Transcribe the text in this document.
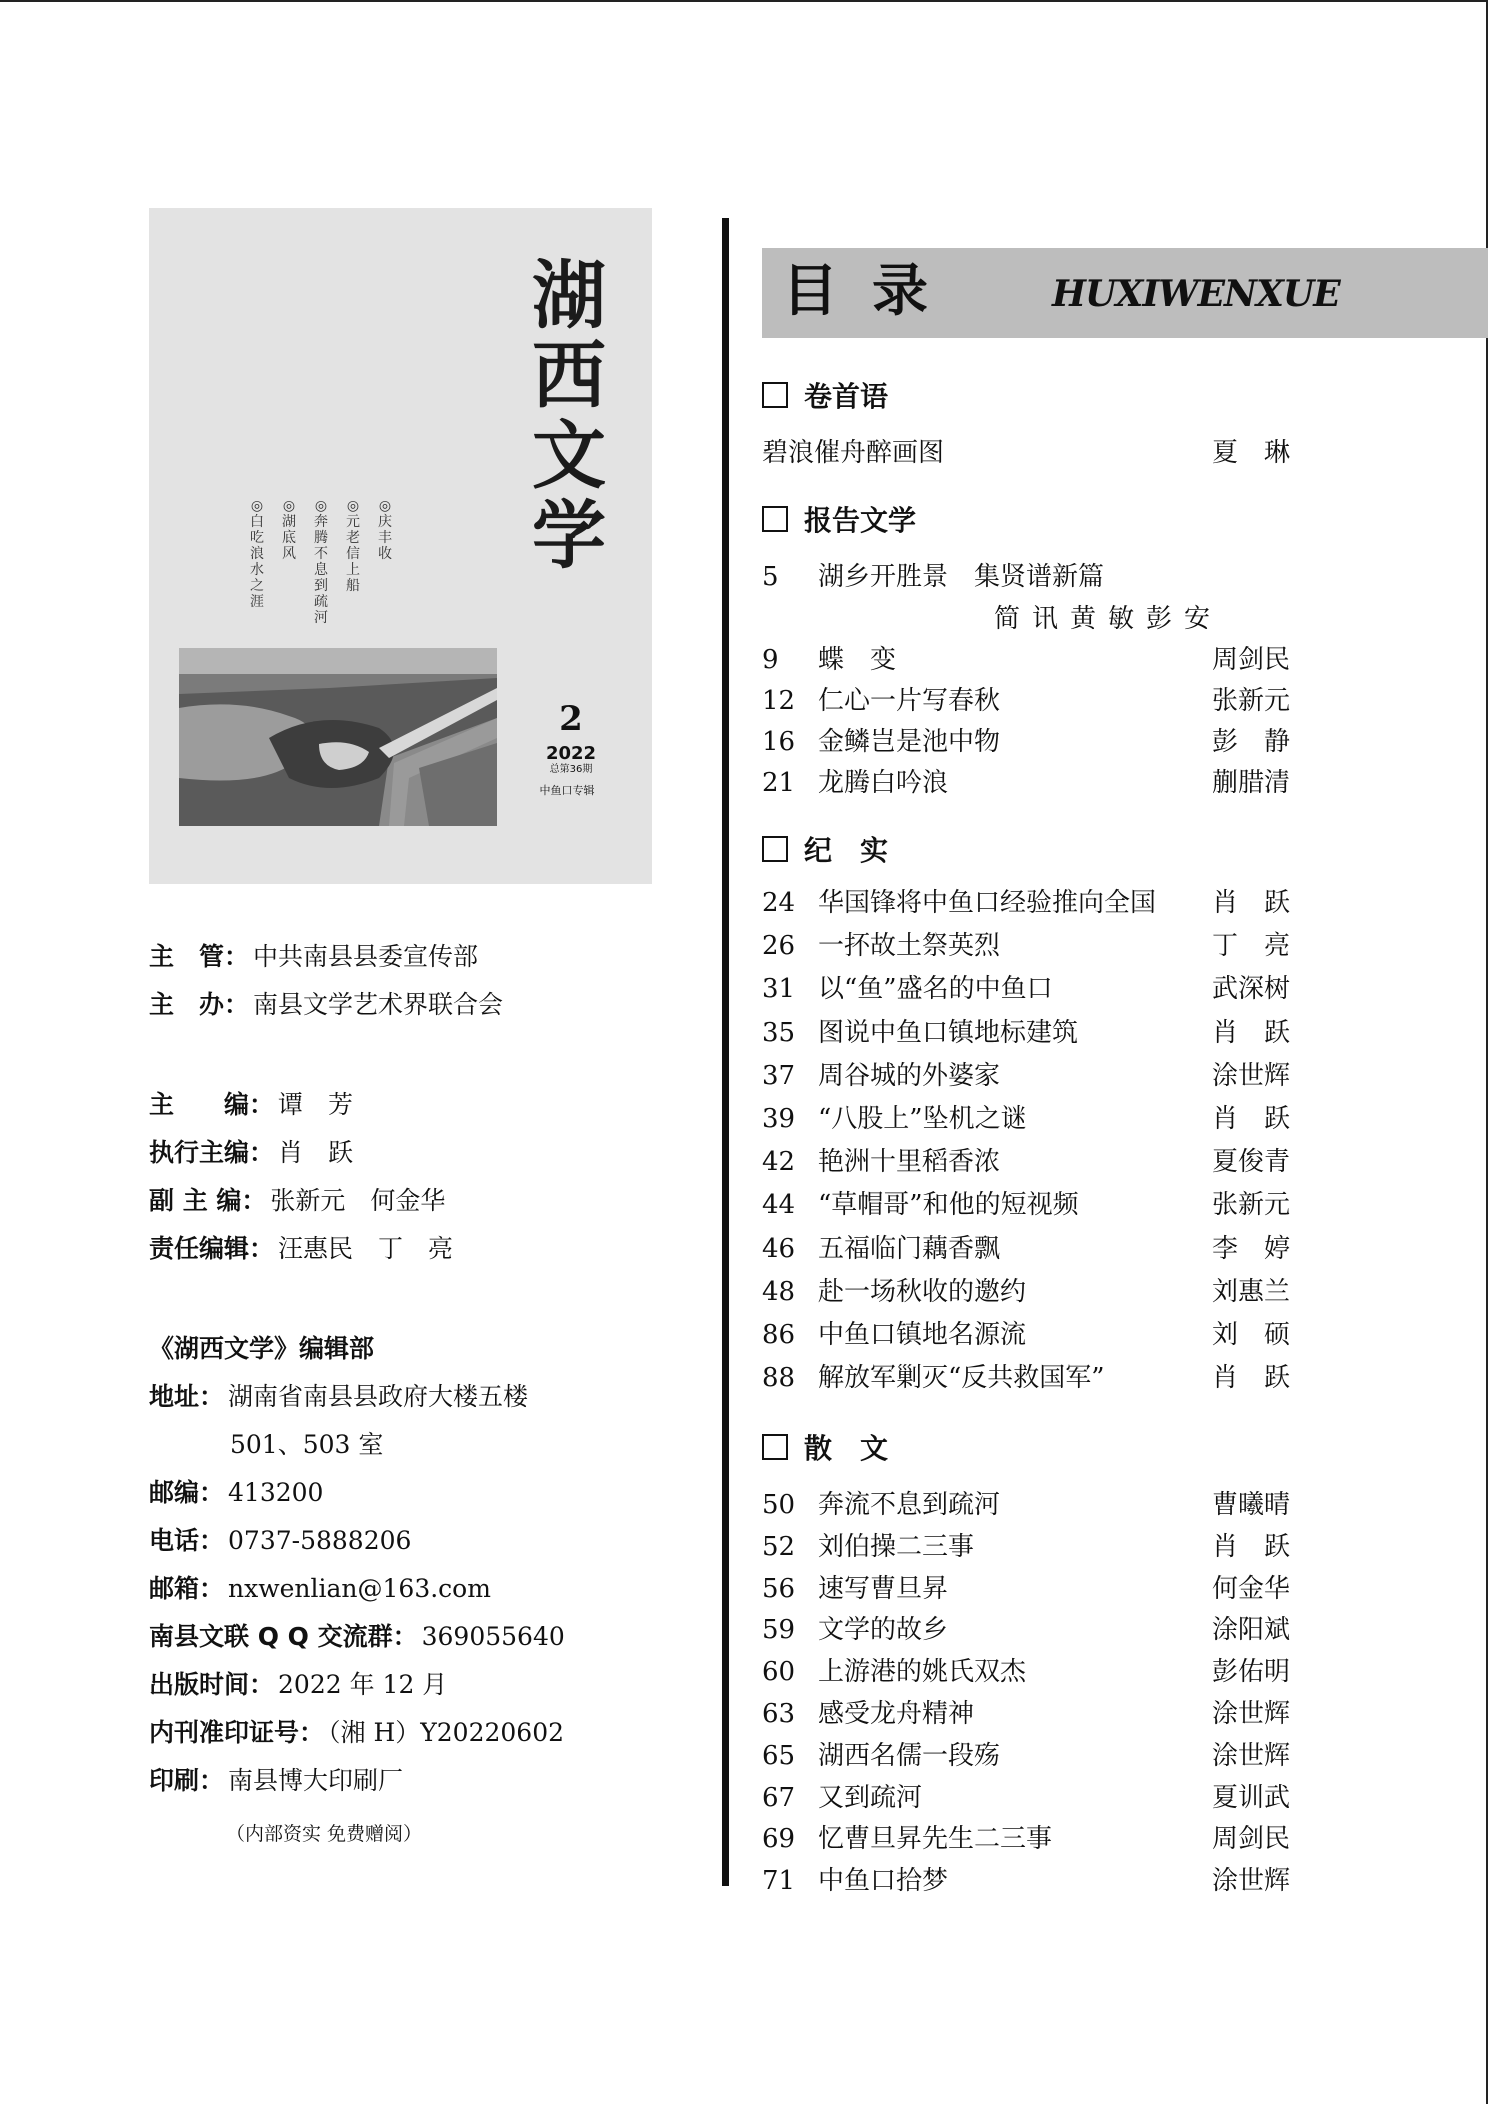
湖
西
文
学
◎
庆
丰
收
◎
元
老
信
上
船
◎
奔
腾
不
息
到
疏
河
◎
湖
底
风
◎
白
吃
浪
水
之
涯
2
2022
总第36期
中鱼口专辑
主　管： 中共南县县委宣传部
主　办： 南县文学艺术界联合会
主　　编： 谭　芳
执行主编： 肖　跃
副 主 编： 张新元　何金华
责任编辑： 汪惠民　丁　亮
《湖西文学》编辑部
地址： 湖南省南县县政府大楼五楼
501、503 室
邮编： 413200
电话： 0737-5888206
邮箱： nxwenlian@163.com
南县文联 Q Q 交流群： 369055640
出版时间： 2022 年 12 月
内刊准印证号： （湘 H）Y20220602
印刷： 南县博大印刷厂
（内部资实 免费赠阅）
目录	HUXIWENXUE
卷首语
碧浪催舟醉画图	夏　琳
报告文学
5 湖乡开胜景　集贤谱新篇
简讯黄敏彭安
9 蝶　变	周剑民
12 仁心一片写春秋	张新元
16 金鳞岂是池中物	彭　静
21 龙腾白吟浪	蒯腊清
纪　实
24 华国锋将中鱼口经验推向全国 肖　跃
26 一抔故土祭英烈	丁　亮
31 以“鱼”盛名的中鱼口	武深树
35 图说中鱼口镇地标建筑	肖　跃
37 周谷城的外婆家	涂世辉
39 “八股上”坠机之谜	肖　跃
42 艳洲十里稻香浓	夏俊青
44 “草帽哥”和他的短视频	张新元
46 五福临门藕香飘	李　婷
48 赴一场秋收的邀约	刘惠兰
86 中鱼口镇地名源流	刘　硕
88 解放军剿灭“反共救国军”	肖　跃
散　文
50 奔流不息到疏河	曹曦晴
52 刘伯操二三事	肖　跃
56 速写曹旦昇	何金华
59 文学的故乡	涂阳斌
60 上游港的姚氏双杰	彭佑明
63 感受龙舟精神	涂世辉
65 湖西名儒一段殇	涂世辉
67 又到疏河	夏训武
69 忆曹旦昇先生二三事	周剑民
71 中鱼口拾梦	涂世辉
